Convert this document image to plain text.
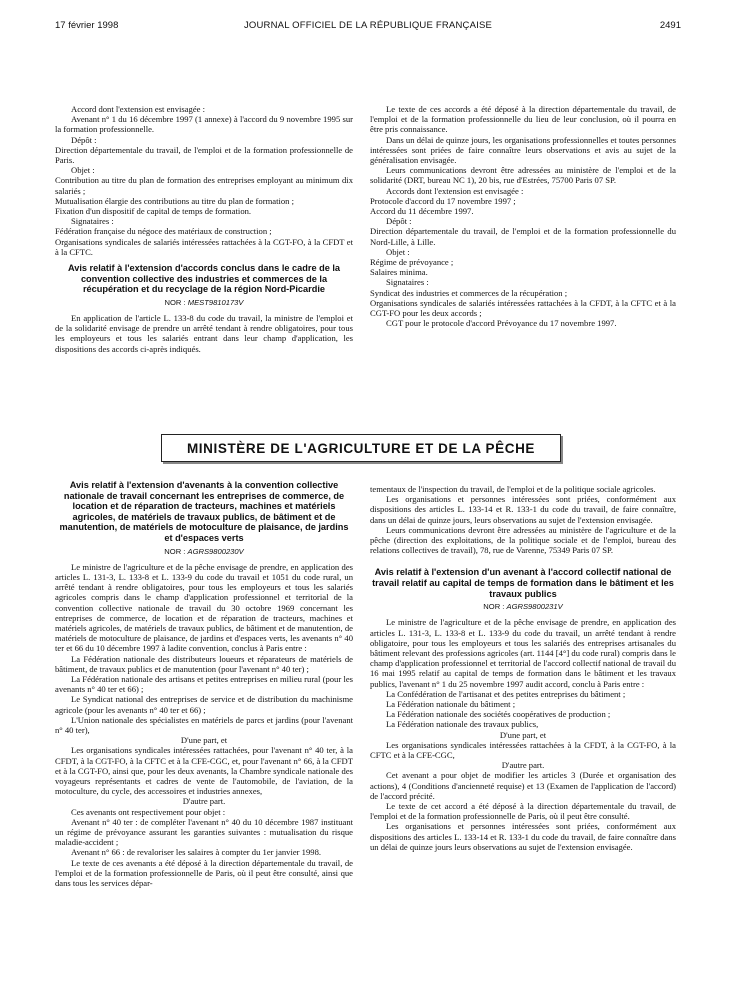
17 février 1998	JOURNAL OFFICIEL DE LA RÉPUBLIQUE FRANÇAISE	2491

Accord dont l'extension est envisagée :

Avenant n° 1 du 16 décembre 1997 (1 annexe) à l'accord du 9 novembre 1995 sur la formation professionnelle.

Dépôt :

Direction départementale du travail, de l'emploi et de la formation professionnelle de Paris.

Objet :

Contribution au titre du plan de formation des entreprises employant au minimum dix salariés ;

Mutualisation élargie des contributions au titre du plan de formation ;

Fixation d'un dispositif de capital de temps de formation.

Signataires :

Fédération française du négoce des matériaux de construction ;

Organisations syndicales de salariés intéressées rattachées à la CGT-FO, à la CFDT et à la CFTC.

Avis relatif à l'extension d'accords conclus dans le cadre de la convention collective des industries et commerces de la récupération et du recyclage de la région Nord-Picardie

NOR : MESТ9810173V

En application de l'article L. 133-8 du code du travail, la ministre de l'emploi et de la solidarité envisage de prendre un arrêté tendant à rendre obligatoires, pour tous les employeurs et tous les salariés entrant dans leur champ d'application, les dispositions des accords ci-après indiqués.

Le texte de ces accords a été déposé à la direction départementale du travail, de l'emploi et de la formation professionnelle du lieu de leur conclusion, où il pourra en être pris connaissance.

Dans un délai de quinze jours, les organisations professionnelles et toutes personnes intéressées sont priées de faire connaître leurs observations et avis au sujet de la généralisation envisagée.

Leurs communications devront être adressées au ministère de l'emploi et de la solidarité (DRT, bureau NC 1), 20 bis, rue d'Estrées, 75700 Paris 07 SP.

Accords dont l'extension est envisagée :

Protocole d'accord du 17 novembre 1997 ;

Accord du 11 décembre 1997.

Dépôt :

Direction départementale du travail, de l'emploi et de la formation professionnelle du Nord-Lille, à Lille.

Objet :

Régime de prévoyance ;

Salaires minima.

Signataires :

Syndicat des industries et commerces de la récupération ;

Organisations syndicales de salariés intéressées rattachées à la CFDT, à la CFTC et à la CGT-FO pour les deux accords ;

CGT pour le protocole d'accord Prévoyance du 17 novembre 1997.

MINISTÈRE DE L'AGRICULTURE ET DE LA PÊCHE

Avis relatif à l'extension d'avenants à la convention collective nationale de travail concernant les entreprises de commerce, de location et de réparation de tracteurs, machines et matériels agricoles, de matériels de travaux publics, de bâtiment et de manutention, de matériels de motoculture de plaisance, de jardins et d'espaces verts

NOR : AGRS9800230V

Le ministre de l'agriculture et de la pêche envisage de prendre, en application des articles L. 131-3, L. 133-8 et L. 133-9 du code du travail et 1051 du code rural, un arrêté tendant à rendre obligatoires, pour tous les employeurs et tous les salariés agricoles compris dans le champ d'application professionnel et territorial de la convention collective nationale de travail du 30 octobre 1969 concernant les entreprises de commerce, de location et de réparation de tracteurs, machines et matériels agricoles, de matériels de travaux publics, de bâtiment et de manutention, de matériels de motoculture de plaisance, de jardins et d'espaces verts, les avenants n° 40 ter et 66 du 10 décembre 1997 à ladite convention, conclus à Paris entre :

La Fédération nationale des distributeurs loueurs et réparateurs de matériels de bâtiment, de travaux publics et de manutention (pour l'avenant n° 40 ter) ;

La Fédération nationale des artisans et petites entreprises en milieu rural (pour les avenants n° 40 ter et 66) ;

Le Syndicat national des entreprises de service et de distribution du machinisme agricole (pour les avenants n° 40 ter et 66) ;

L'Union nationale des spécialistes en matériels de parcs et jardins (pour l'avenant n° 40 ter),

D'une part, et

Les organisations syndicales intéressées rattachées, pour l'avenant n° 40 ter, à la CFDT, à la CGT-FO, à la CFTC et à la CFE-CGC, et, pour l'avenant n° 66, à la CFDT et à la CGT-FO, ainsi que, pour les deux avenants, la Chambre syndicale nationale des voyageurs représentants et cadres de vente de l'automobile, de l'aviation, de la motoculture, du cycle, des accessoires et industries annexes,

D'autre part.

Ces avenants ont respectivement pour objet :

Avenant n° 40 ter : de compléter l'avenant n° 40 du 10 décembre 1987 instituant un régime de prévoyance assurant les garanties suivantes : mutualisation du risque maladie-accident ;

Avenant n° 66 : de revaloriser les salaires à compter du 1er janvier 1998.

Le texte de ces avenants a été déposé à la direction départementale du travail, de l'emploi et de la formation professionnelle de Paris, où il peut être consulté, ainsi que dans tous les services dépar-

tementaux de l'inspection du travail, de l'emploi et de la politique sociale agricoles.

Les organisations et personnes intéressées sont priées, conformément aux dispositions des articles L. 133-14 et R. 133-1 du code du travail, de faire connaître, dans un délai de quinze jours, leurs observations au sujet de l'extension envisagée.

Leurs communications devront être adressées au ministère de l'agriculture et de la pêche (direction des exploitations, de la politique sociale et de l'emploi, bureau des relations collectives de travail), 78, rue de Varenne, 75349 Paris 07 SP.

Avis relatif à l'extension d'un avenant à l'accord collectif national de travail relatif au capital de temps de formation dans le bâtiment et les travaux publics

NOR : AGRS9800231V

Le ministre de l'agriculture et de la pêche envisage de prendre, en application des articles L. 131-3, L. 133-8 et L. 133-9 du code du travail, un arrêté tendant à rendre obligatoire, pour tous les employeurs et tous les salariés des entreprises artisanales du bâtiment relevant des professions agricoles (art. 1144 [4°] du code rural) compris dans le champ d'application professionnel et territorial de l'accord collectif national de travail du 16 mai 1995 relatif au capital de temps de formation dans le bâtiment et les travaux publics, l'avenant n° 1 du 25 novembre 1997 audit accord, conclu à Paris entre :

La Confédération de l'artisanat et des petites entreprises du bâtiment ;

La Fédération nationale du bâtiment ;

La Fédération nationale des sociétés coopératives de production ;

La Fédération nationale des travaux publics,

D'une part, et

Les organisations syndicales intéressées rattachées à la CFDT, à la CGT-FO, à la CFTC et à la CFE-CGC,

D'autre part.

Cet avenant a pour objet de modifier les articles 3 (Durée et organisation des actions), 4 (Conditions d'ancienneté requise) et 13 (Examen de l'application de l'accord) de l'accord précité.

Le texte de cet accord a été déposé à la direction départementale du travail, de l'emploi et de la formation professionnelle de Paris, où il peut être consulté.

Les organisations et personnes intéressées sont priées, conformément aux dispositions des articles L. 133-14 et R. 133-1 du code du travail, de faire connaître dans un délai de quinze jours leurs observations au sujet de l'extension envisagée.
